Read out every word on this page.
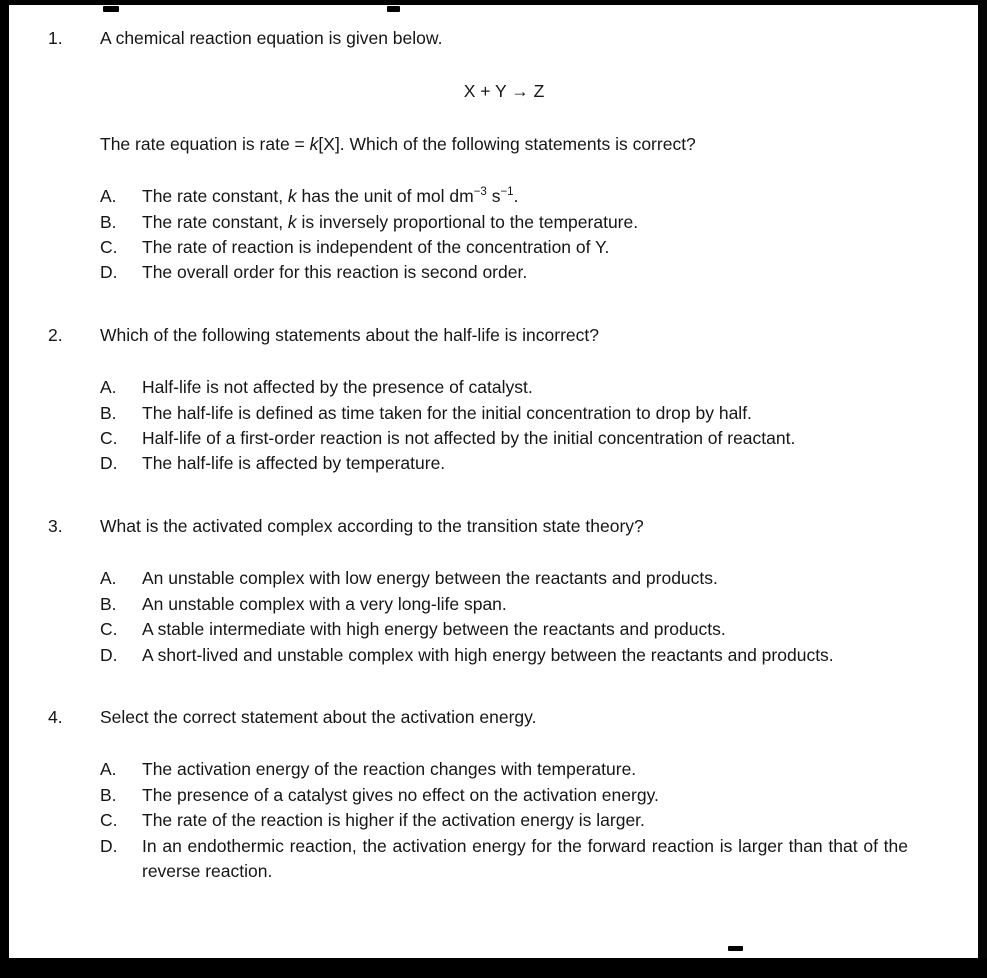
1.	A chemical reaction equation is given below.

X + Y → Z

The rate equation is rate = k[X]. Which of the following statements is correct?

A.	The rate constant, k has the unit of mol $dm^{-3}$ $s^{-1}$.
B.	The rate constant, k is inversely proportional to the temperature.
C.	The rate of reaction is independent of the concentration of Y.
D.	The overall order for this reaction is second order.
2.	Which of the following statements about the half-life is incorrect?

A.	Half-life is not affected by the presence of catalyst.
B.	The half-life is defined as time taken for the initial concentration to drop by half.
C.	Half-life of a first-order reaction is not affected by the initial concentration of reactant.
D.	The half-life is affected by temperature.
3.	What is the activated complex according to the transition state theory?

A.	An unstable complex with low energy between the reactants and products.
B.	An unstable complex with a very long-life span.
C.	A stable intermediate with high energy between the reactants and products.
D.	A short-lived and unstable complex with high energy between the reactants and products.
4.	Select the correct statement about the activation energy.

A.	The activation energy of the reaction changes with temperature.
B.	The presence of a catalyst gives no effect on the activation energy.
C.	The rate of the reaction is higher if the activation energy is larger.
D.	In an endothermic reaction, the activation energy for the forward reaction is larger than that of the reverse reaction.
